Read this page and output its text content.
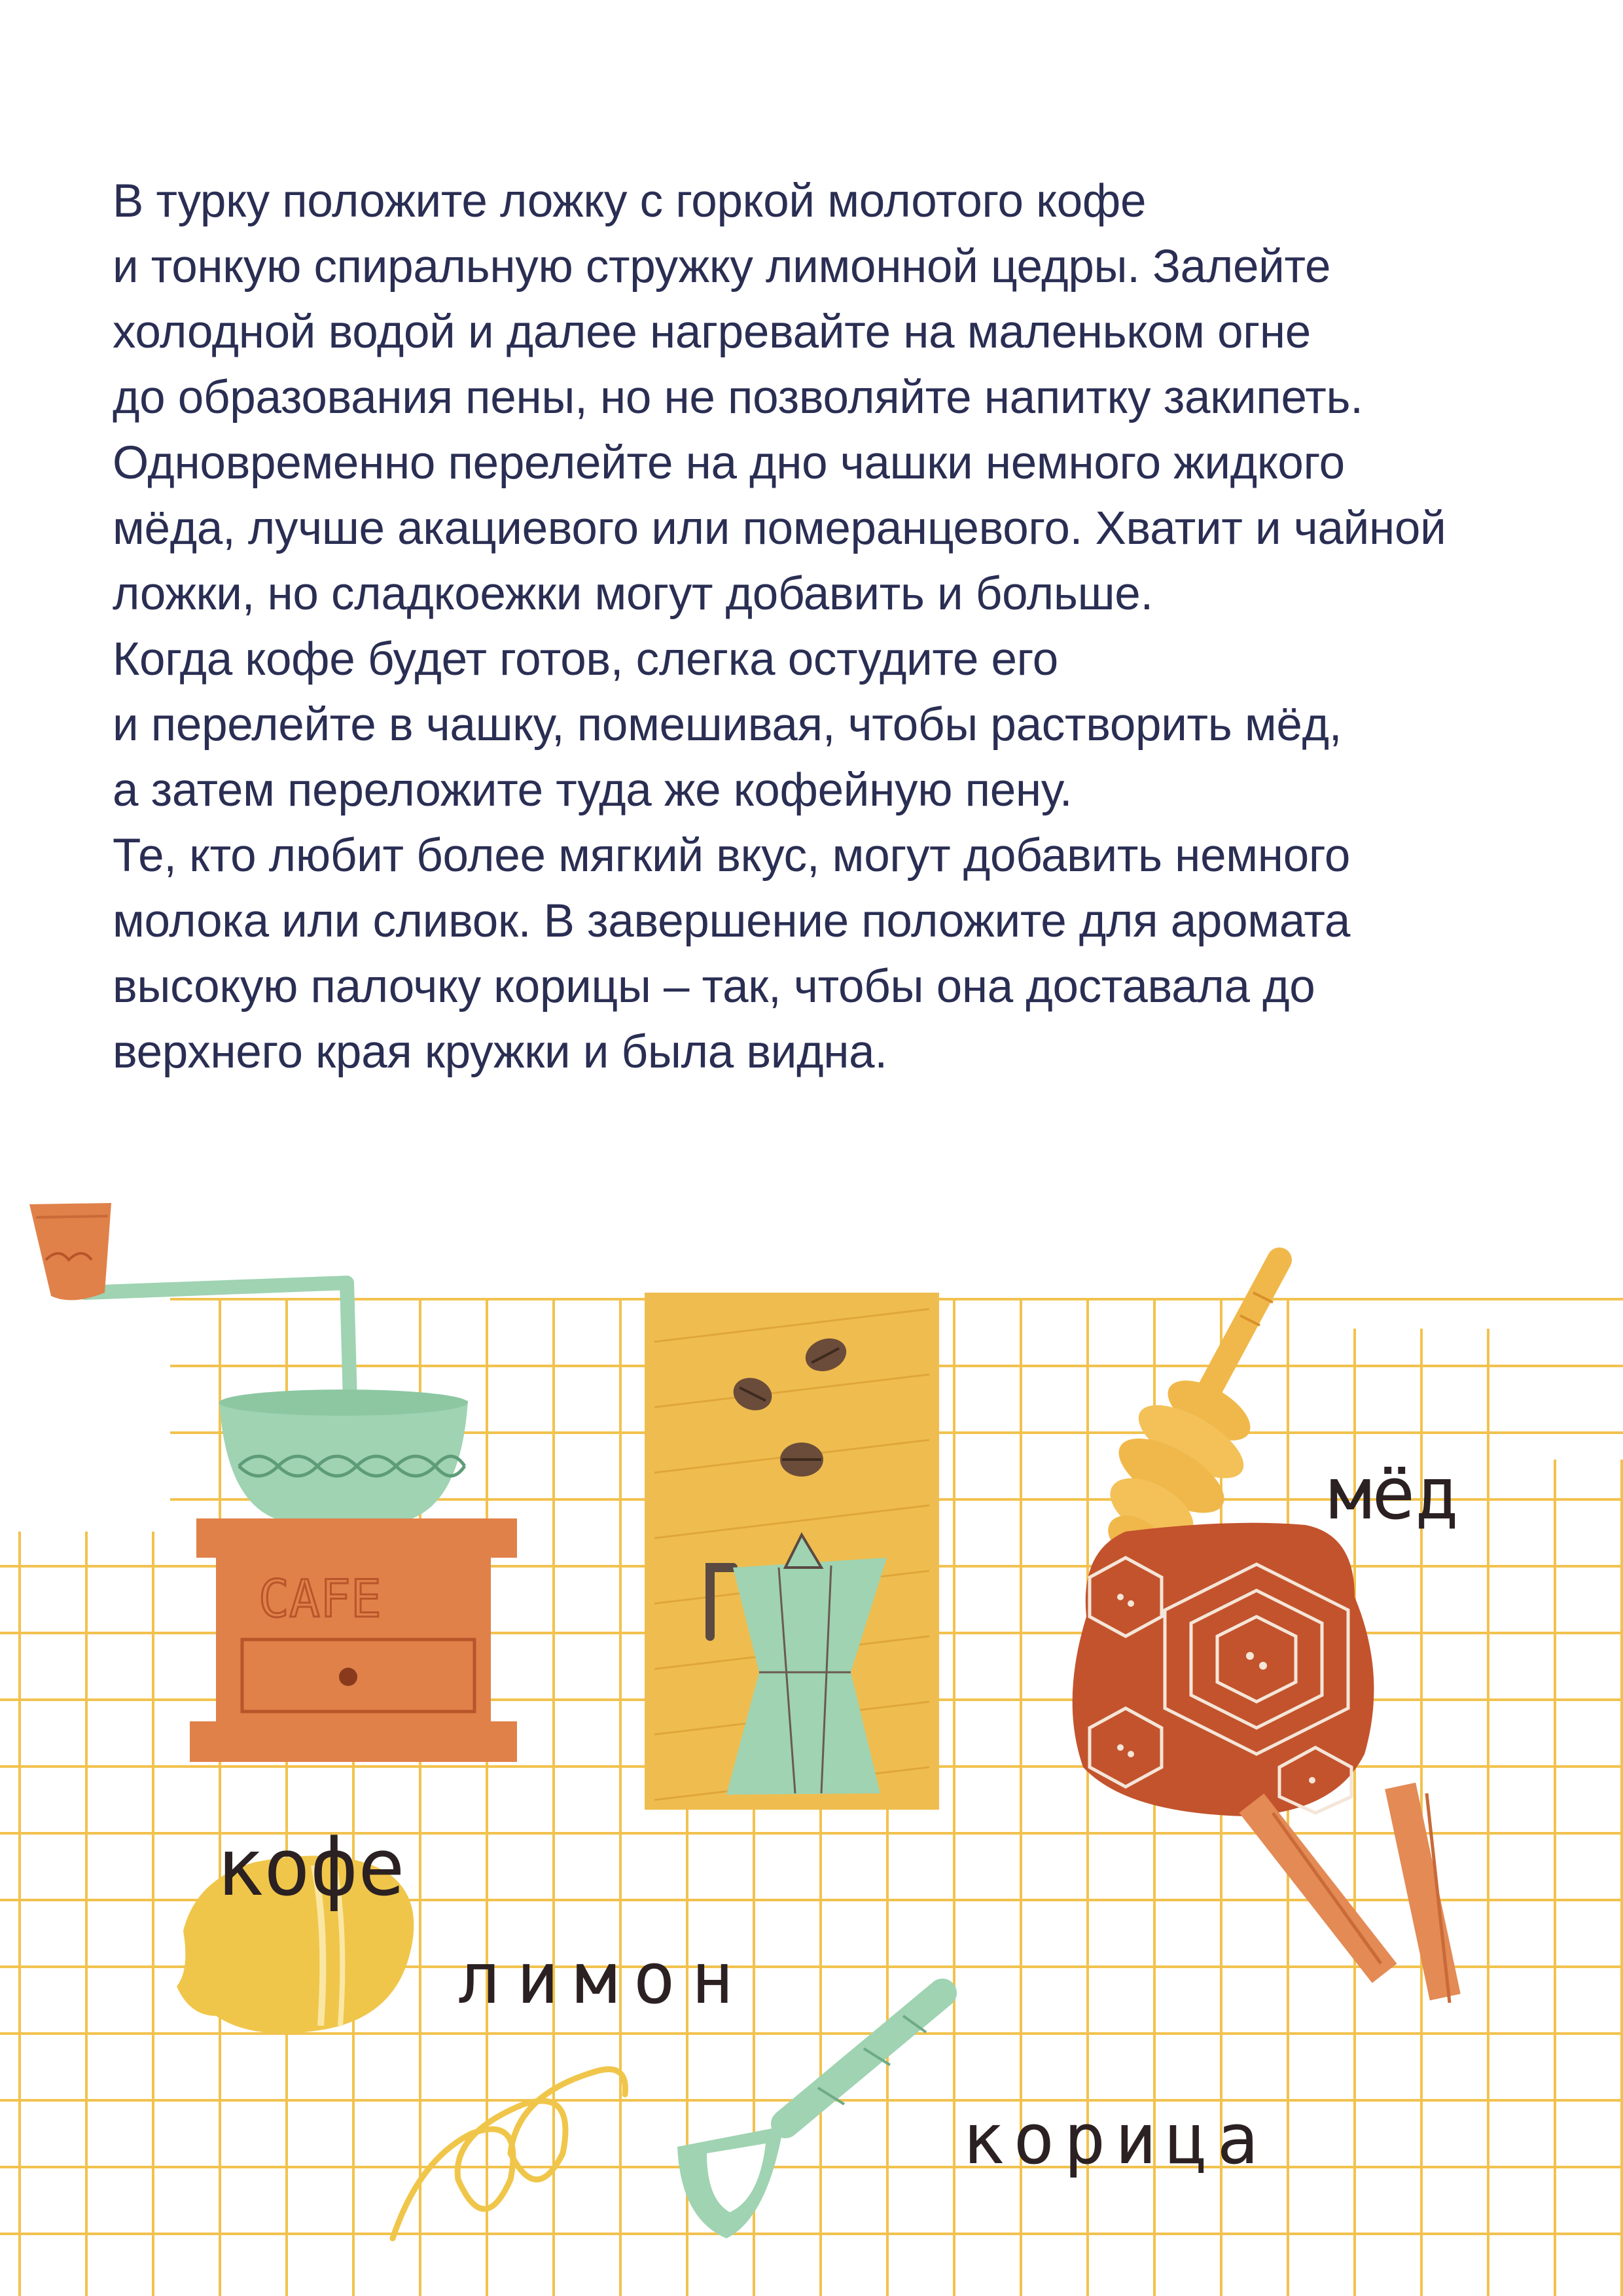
В турку положите ложку с горкой молотого кофе
и тонкую спиральную стружку лимонной цедры. Залейте
холодной водой и далее нагревайте на маленьком огне
до образования пены, но не позволяйте напитку закипеть.
Одновременно перелейте на дно чашки немного жидкого
мёда, лучше акациевого или померанцевого. Хватит и чайной
ложки, но сладкоежки могут добавить и больше.
Когда кофе будет готов, слегка остудите его
и перелейте в чашку, помешивая, чтобы растворить мёд,
а затем переложите туда же кофейную пену.
Те, кто любит более мягкий вкус, могут добавить немного
молока или сливок. В завершение положите для аромата
высокую палочку корицы – так, чтобы она доставала до
верхнего края кружки и была видна.
CAFE
кофе
мёд
лимон
корица
